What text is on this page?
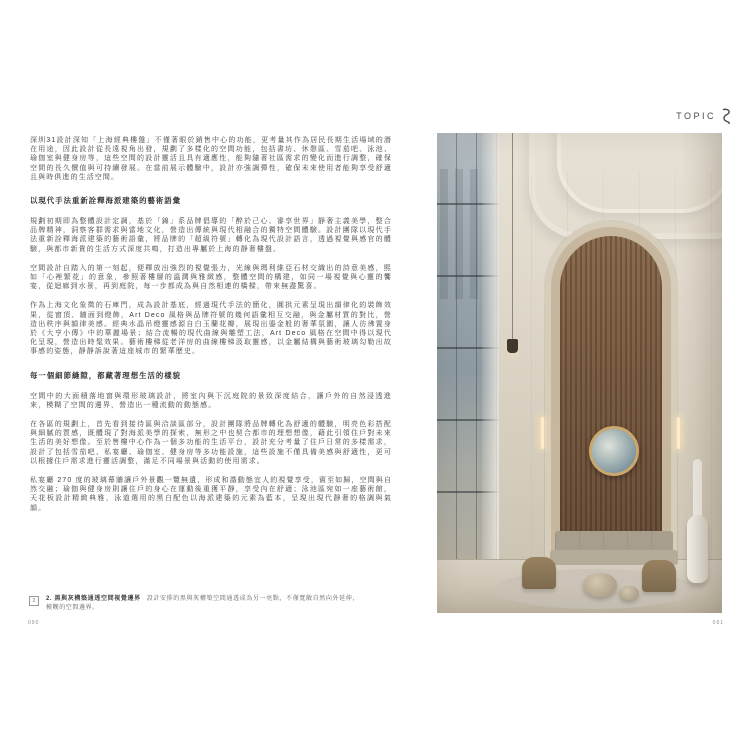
TOPIC

深圳31設計深知「上海經典樓盤」不僅著眼於銷售中心的功能，更考量其作為居民長期生活場域的潛在用途，因此設計從長遠視角出發，規劃了多樣化的空間功能，包括書坊、休憩區、雪茄吧、泳池、瑜伽室與健身房等，這些空間的設計靈活且具有適應性，能夠隨著社區需求的變化而進行調整，確保空間的長久價值與可持續發展。在當前展示體驗中，設計亦強調彈性，確保未來使用者能夠享受舒適且與時俱進的生活空間。

以現代手法重新詮釋海派建築的藝術語彙

規劃初期即為整體設計定調，基於「錦」系品牌倡導的「醉於己心、審享世界」靜奢主義美學，整合品牌精神，洞察客群需求與當地文化，營造出傳統與現代相融合的獨特空間體驗。設計團隊以現代手法重新詮釋海派建築的藝術語彙，將品牌的「超級符號」轉化為現代設計語言，透過視覺與感官的體驗，與都市新貴的生活方式深度共鳴，打造出專屬於上海的靜奢樓盤。

空間設計自踏入的第一刻起，便釋放出強烈的視覺張力，光線與瑪利維亞石材交織出的詩意美感，熙如「心裡繁花」的意象，參照著樓層的溫潤與雅緻感，整體空間的構建，如同一場視覺與心靈的饗宴，從迴廊到水景，再到庭院，每一步都成為與自然相連的橋樑，帶來無盡驚喜。

作為上海文化象徵的石庫門，成為設計基底，經過現代手法的簡化，圓拱元素呈現出韻律化的裝飾效果，從窗頂、牆面到燈飾，Art Deco 風格與品牌符號的幾何語彙相互交融，與金屬材質的對比，營造出秩序與韻律美感。經典水晶吊燈靈感源自白玉蘭花瓣，展現出鎏金般的奢華氛圍，讓人彷彿置身於《大亨小傳》中的華麗場景；結合流暢的現代曲線與雕塑工法，Art Deco 風格在空間中得以現代化呈現，營造出時髦效果。藝術樓梯從老洋房的曲線樓梯汲取靈感，以金屬結構與藝術玻璃勾勒出故事感的姿態，靜靜訴說著這座城市的繁華歷史。

每一個細節縫隙，都藏著理想生活的樣貌

空間中的大面積落地窗與環形玻璃設計，將室內與下沉庭院的景致深度結合，讓戶外的自然浸透進來，模糊了空間的邊界，營造出一種流動的動態感。

在各區的規劃上，首先看到接待區與洽談區部分，設計團隊將品牌轉化為舒適的體驗，明亮色彩搭配與細膩的質感，既體現了對海派美學的探索，無形之中也契合都市的理想想像，藉此引領住戶對未來生活的美好想像。至於售樓中心作為一個多功能的生活平台，設計充分考量了住戶日常的多樣需求，設計了包括雪茄吧、私宴廳、瑜伽室、健身房等多功能設施，這些設施不僅具備美感與舒適性，更可以根據住戶需求進行靈活調整，滿足不同場景與活動的使用需求。

私宴廳 270 度的玻璃幕牆讓戶外景觀一覽無遺，形成和諧動態宜人的視覺享受，賓至如歸，空間與自然交融；瑜伽與健身房則讓住戶的身心在運動後重獲平靜，享受內在舒適；泳池區宛如一座藝術館，天花板設計精緻典雅，泳道選用的黑白配色以海派建築的元素為藍本，呈現出現代靜奢的格調與氣韻。

2	2. 黑與灰構築通透空間視覺邊界 設計安排的黑與灰構築空間通透成為另一亮點，不僅寬敞自然向外延伸，模糊的空間邊界。
090	091
